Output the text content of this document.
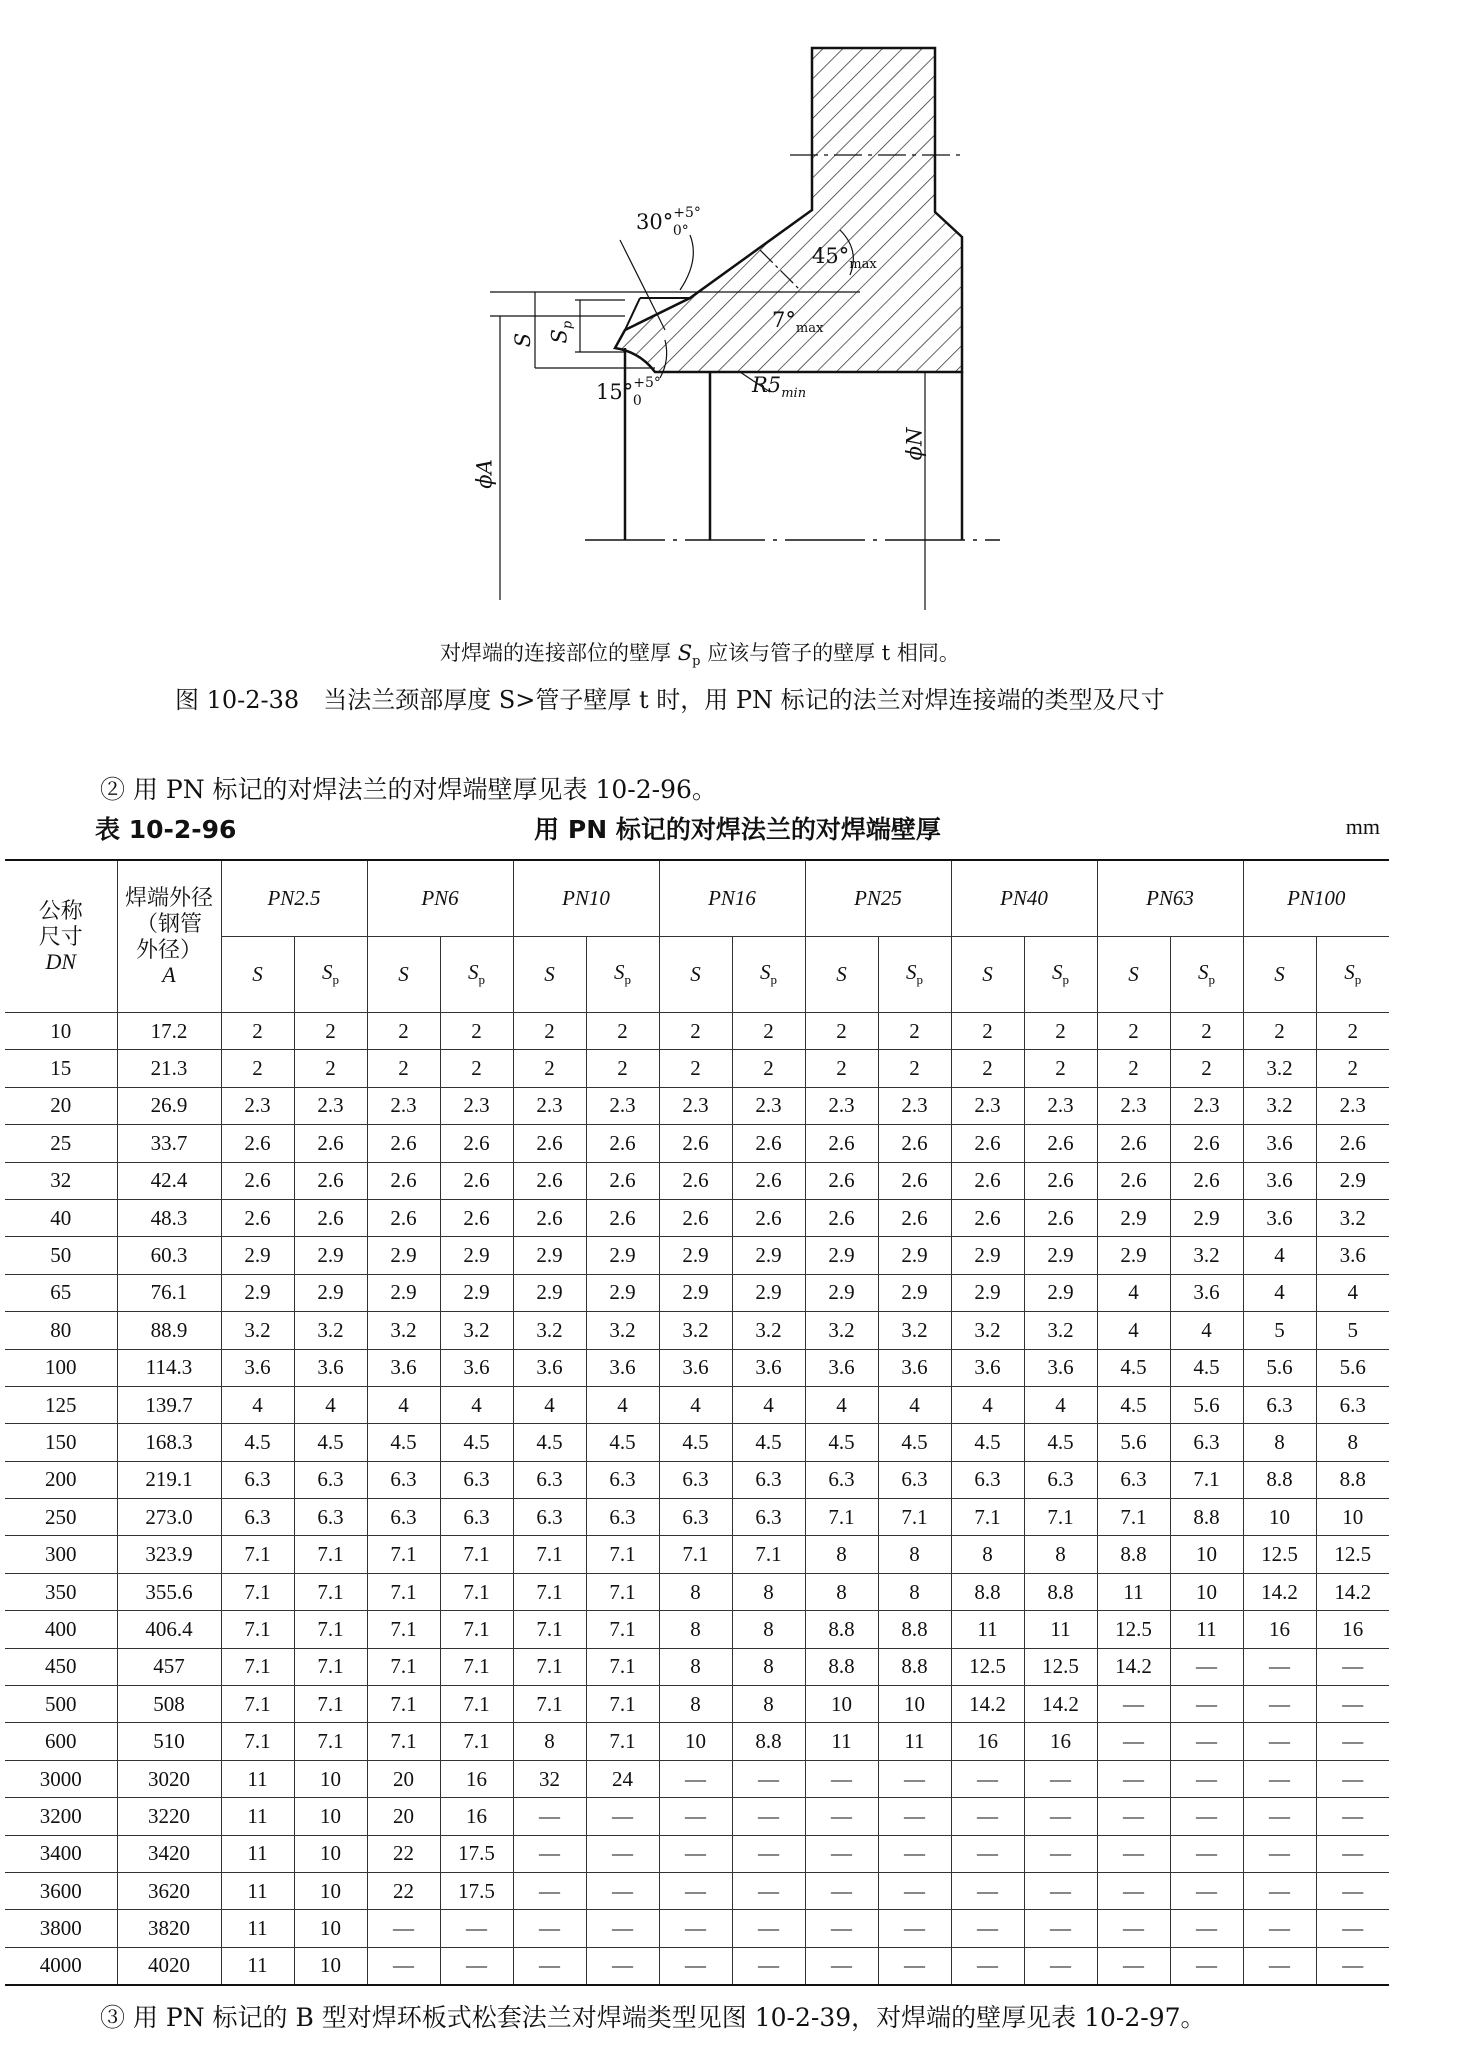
30°$^{+5^\circ}_{0^\circ}$
$45^\circ_{max}$
$7^\circ_{max}$
15°$^{+5^\circ}_0$
$R5_{min}$
S $S_p$
ϕA
ϕN
对焊端的连接部位的壁厚 $S_p$ 应该与管子的壁厚 t 相同。
图 10-2-38　当法兰颈部厚度 S>管子壁厚 t 时，用 PN 标记的法兰对焊连接端的类型及尺寸
② 用 PN 标记的对焊法兰的对焊端壁厚见表 10-2-96。
表 10-2-96	用 PN 标记的对焊法兰的对焊端壁厚	mm
公称
尺寸
DN	焊端外径
（钢管
外径）
A	PN2.5		PN6		PN10		PN16		PN25		PN40		PN63		PN100	
		S	$S_p$	S	$S_p$	S	$S_p$	S	$S_p$	S	$S_p$	S	$S_p$	S	$S_p$	S	$S_p$
10	17.2	2	2	2	2	2	2	2	2	2	2	2	2	2	2	2	2
15	21.3	2	2	2	2	2	2	2	2	2	2	2	2	2	2	3.2	2
20	26.9	2.3	2.3	2.3	2.3	2.3	2.3	2.3	2.3	2.3	2.3	2.3	2.3	2.3	2.3	3.2	2.3
25	33.7	2.6	2.6	2.6	2.6	2.6	2.6	2.6	2.6	2.6	2.6	2.6	2.6	2.6	2.6	3.6	2.6
32	42.4	2.6	2.6	2.6	2.6	2.6	2.6	2.6	2.6	2.6	2.6	2.6	2.6	2.6	2.6	3.6	2.9
40	48.3	2.6	2.6	2.6	2.6	2.6	2.6	2.6	2.6	2.6	2.6	2.6	2.6	2.9	2.9	3.6	3.2
50	60.3	2.9	2.9	2.9	2.9	2.9	2.9	2.9	2.9	2.9	2.9	2.9	2.9	2.9	3.2	4	3.6
65	76.1	2.9	2.9	2.9	2.9	2.9	2.9	2.9	2.9	2.9	2.9	2.9	2.9	4	3.6	4	4
80	88.9	3.2	3.2	3.2	3.2	3.2	3.2	3.2	3.2	3.2	3.2	3.2	3.2	4	4	5	5
100	114.3	3.6	3.6	3.6	3.6	3.6	3.6	3.6	3.6	3.6	3.6	3.6	3.6	4.5	4.5	5.6	5.6
125	139.7	4	4	4	4	4	4	4	4	4	4	4	4	4.5	5.6	6.3	6.3
150	168.3	4.5	4.5	4.5	4.5	4.5	4.5	4.5	4.5	4.5	4.5	4.5	4.5	5.6	6.3	8	8
200	219.1	6.3	6.3	6.3	6.3	6.3	6.3	6.3	6.3	6.3	6.3	6.3	6.3	6.3	7.1	8.8	8.8
250	273.0	6.3	6.3	6.3	6.3	6.3	6.3	6.3	6.3	7.1	7.1	7.1	7.1	7.1	8.8	10	10
300	323.9	7.1	7.1	7.1	7.1	7.1	7.1	7.1	7.1	8	8	8	8	8.8	10	12.5	12.5
350	355.6	7.1	7.1	7.1	7.1	7.1	7.1	8	8	8	8	8.8	8.8	11	10	14.2	14.2
400	406.4	7.1	7.1	7.1	7.1	7.1	7.1	8	8	8.8	8.8	11	11	12.5	11	16	16
450	457	7.1	7.1	7.1	7.1	7.1	7.1	8	8	8.8	8.8	12.5	12.5	14.2	—	—	—
500	508	7.1	7.1	7.1	7.1	7.1	7.1	8	8	10	10	14.2	14.2	—	—	—	—
600	510	7.1	7.1	7.1	7.1	8	7.1	10	8.8	11	11	16	16	—	—	—	—
3000	3020	11	10	20	16	32	24	—	—	—	—	—	—	—	—	—	—
3200	3220	11	10	20	16	—	—	—	—	—	—	—	—	—	—	—	—
3400	3420	11	10	22	17.5	—	—	—	—	—	—	—	—	—	—	—	—
3600	3620	11	10	22	17.5	—	—	—	—	—	—	—	—	—	—	—	—
3800	3820	11	10	—	—	—	—	—	—	—	—	—	—	—	—	—	—
4000	4020	11	10	—	—	—	—	—	—	—	—	—	—	—	—	—	—
③ 用 PN 标记的 B 型对焊环板式松套法兰对焊端类型见图 10-2-39，对焊端的壁厚见表 10-2-97。
